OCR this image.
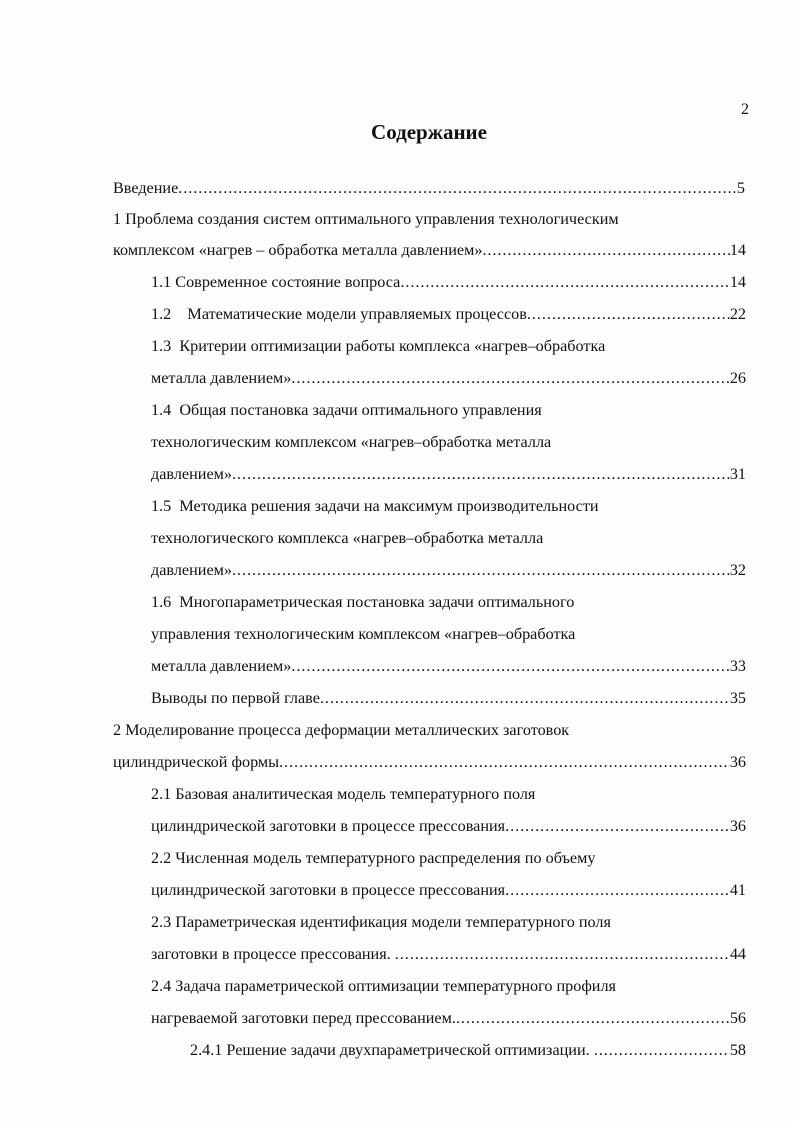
2
Содержание
Введение . . .	5
1 Проблема создания систем оптимального управления технологическим
комплексом «нагрев – обработка металла давлением» . . .	14
1.1 Современное состояние вопроса . . .	14
1.2    Математические модели управляемых процессов . . .	22
1.3  Критерии оптимизации работы комплекса «нагрев–обработка
металла давлением» . . .	26
1.4  Общая постановка задачи оптимального управления
технологическим комплексом «нагрев–обработка металла
давлением» . . .	31
1.5  Методика решения задачи на максимум производительности
технологического комплекса «нагрев–обработка металла
давлением» . . .	32
1.6  Многопараметрическая постановка задачи оптимального
управления технологическим комплексом «нагрев–обработка
металла давлением» . . .	33
Выводы по первой главе . . .	35
2 Моделирование процесса деформации металлических заготовок
цилиндрической формы . . .	36
2.1 Базовая аналитическая модель температурного поля
цилиндрической заготовки в процессе прессования . . .	36
2.2 Численная модель температурного распределения по объему
цилиндрической заготовки в процессе прессования . . .	41
2.3 Параметрическая идентификация модели температурного поля
заготовки в процессе прессования. . . .	44
2.4 Задача параметрической оптимизации температурного профиля
нагреваемой заготовки перед прессованием. . . .	56
2.4.1 Решение задачи двухпараметрической оптимизации. . . .	58
